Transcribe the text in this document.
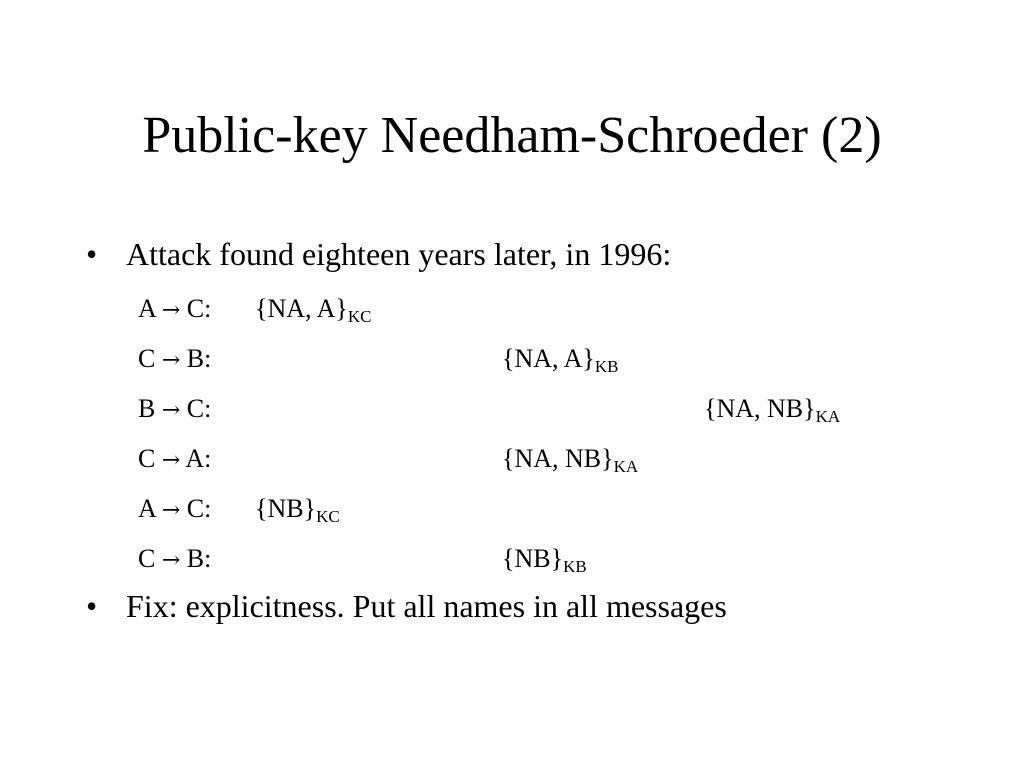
Public-key Needham-Schroeder (2)
• Attack found eighteen years later, in 1996:
A → C: {NA, $A\}_{KC}$
C → B:	{NA, $A\}_{KB}$
B → C:	{NA, $NB\}_{KA}$
C → A:	{NA, $NB\}_{KA}$
A → C: $\{NB\}_{KC}$
C → B:	$\{NB\}_{KB}$
• Fix: explicitness. Put all names in all messages
